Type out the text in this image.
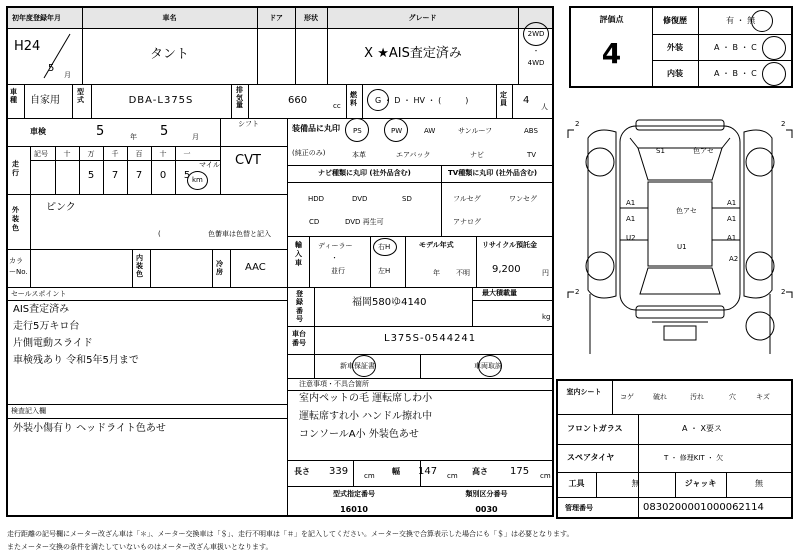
初年度登録年月	車名	ドア	形状	グレード
H24
5
月
タント	X ★AIS査定済み
2WD
・
4WD
評価点
4
修復歴	有 ・ 無
外装	A ・ B ・ C
内装	A ・ B ・ C
車種	自家用
型式	DBA-L375S
排気量	660	cc
燃料	G ・ D ・ HV ・ (　　　)
定員	4
人
車検	5	年 5	月
シフト
CVT
走行
記号	十	万	千	百	十	一
5	7	7	0	5
マイル
km
装備品に丸印
(純正のみ)
PS	PW	AW	サンルーフ	ABS
本革	エアバック	ナビ	TV
ナビ種類に丸印 (社外品含む)	TV種類に丸印 (社外品含む)
HDD	DVD	SD
CD	DVD 再生可
フルセグ	ワンセグ
アナログ
外装色
ピンク
(　　　　　　　　)
色替車は色替と記入
カラーNo.
内装色
冷房	AAC
輸入車
ディーラー
・
並行
右H
左H
モデル年式
年 不明
リサイクル預託金
9,200	円
セールスポイント
AIS査定済み
走行5万キロ台
片側電動スライド
車検残あり 令和5年5月まで
登録番号
福岡580ゆ4140
最大積載量
kg
車台番号	L375S-0544241
新車保証書	車両取説
注意事項・不具合箇所
室内ペットの毛 運転席しわ小
運転席すれ小 ハンドル擦れ中
コンソールA小 外装色あせ
検査記入欄
外装小傷有り ヘッドライト色あせ
長さ 339 cm 幅 147 cm 高さ 175 cm
型式指定番号
16010
類別区分番号
0030
室内シート
コゲ	破れ	汚れ	穴	キズ
フロントガラス	A ・ X要ス
スペアタイヤ	T ・ 修理KIT ・ 欠
工具	無	ジャッキ	無
管理番号	0830200001000062114
2	2
2	2
S1	色アセ
A1
A1
U2
A1
A1
A1
色アセ
U1
A2
走行距離の記号欄にメーター改ざん車は「＊」、メーター交換車は「＄」、走行不明車は「＃」を記入してください。メーター交換で合算表示した場合にも「＄」は必要となります。
またメーター交換の条件を満たしていないものはメーター改ざん車扱いとなります。
